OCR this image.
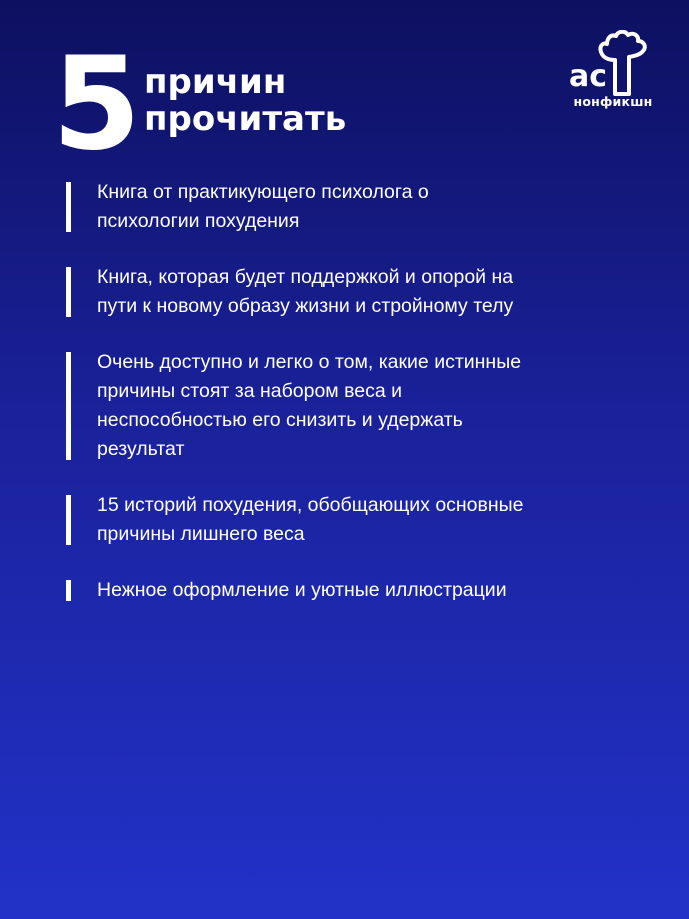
5 причин
прочитать
ас
нонфикшн
Книга от практикующего психолога о
психологии похудения
Книга, которая будет поддержкой и опорой на
пути к новому образу жизни и стройному телу
Очень доступно и легко о том, какие истинные
причины стоят за набором веса и
неспособностью его снизить и удержать
результат
15 историй похудения, обобщающих основные
причины лишнего веса
Нежное оформление и уютные иллюстрации
